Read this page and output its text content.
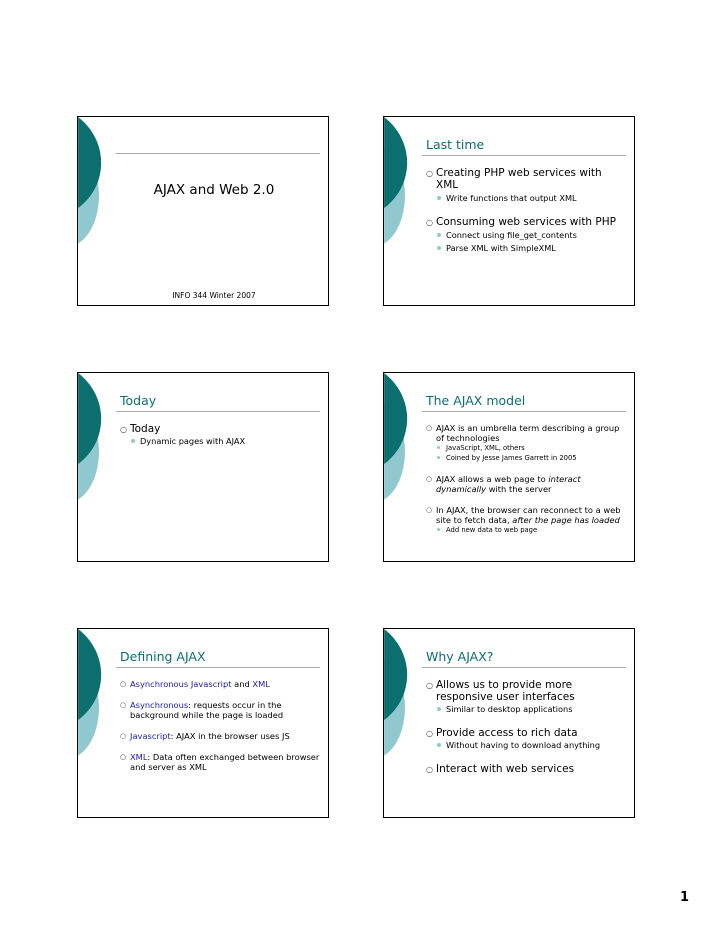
AJAX and Web 2.0
INFO 344 Winter 2007
Last time
○ Creating PHP web services with XML
Write functions that output XML
○ Consuming web services with PHP
Connect using file_get_contents
Parse XML with SimpleXML
Today
○ Today
Dynamic pages with AJAX
The AJAX model
○ AJAX is an umbrella term describing a group of technologies
JavaScript, XML, others
Coined by Jesse James Garrett in 2005
○ AJAX allows a web page to interact dynamically with the server
○ In AJAX, the browser can reconnect to a web site to fetch data, after the page has loaded
Add new data to web page
Defining AJAX
○ Asynchronous Javascript and XML
○ Asynchronous: requests occur in the background while the page is loaded
○ Javascript: AJAX in the browser uses JS
○ XML: Data often exchanged between browser and server as XML
Why AJAX?
○ Allows us to provide more responsive user interfaces
Similar to desktop applications
○ Provide access to rich data
Without having to download anything
○ Interact with web services
1
